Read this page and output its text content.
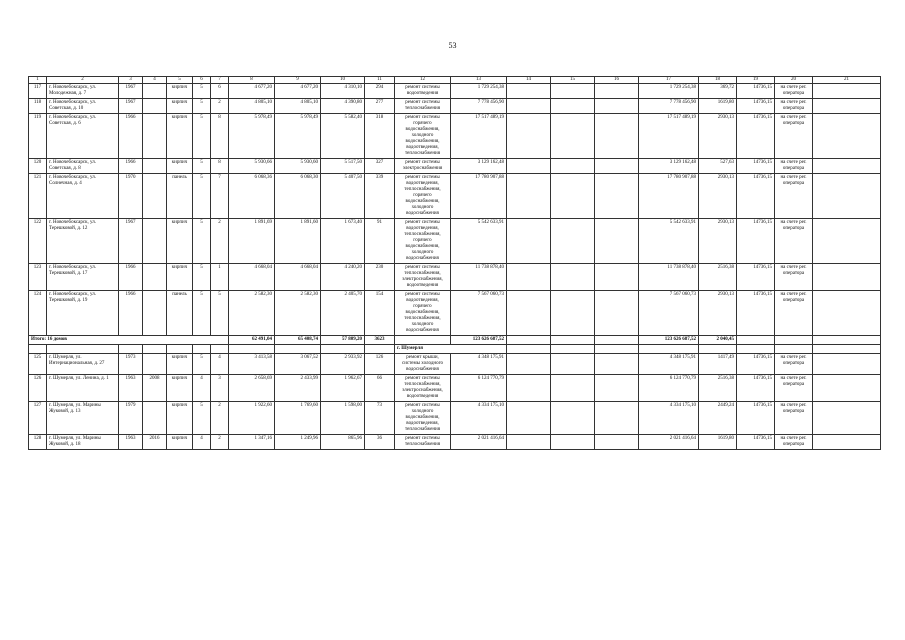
53
1	2	3	4	5	6	7	8	9	10	11	12	13	14	15	16	17	18	19	20	21
117	г. Новочебоксарск, ул. Молодежная, д. 7	1967		кирпич	5	6	4 677,20	4 677,20	4 310,10	294	ремонт системы водоотведения	1 729 254,38				1 729 254,38	369,72	14736,15	на счете рег. оператора	
118	г. Новочебоксарск, ул. Советская, д. 10	1967		кирпич	5	2	4 805,10	4 805,10	4 390,80	277	ремонт системы теплоснабжения	7 778 456,90				7 778 456,90	1619,80	14736,15	на счете рег. оператора	
119	г. Новочебоксарск, ул. Советская, д. 6	1966		кирпич	5	8	5 978,49	5 978,49	5 582,40	318	ремонт системы горячего водоснабжения, холодного водоснабжения, водоотведения, теплоснабжения	17 517 489,19				17 517 489,19	2930,13	14736,15	на счете рег. оператора	
120	г. Новочебоксарск, ул. Советская, д. 8	1966		кирпич	5	8	5 930,66	5 930,60	5 517,50	327	ремонт системы электроснабжения	3 129 162,48				3 129 162,48	527,63	14736,15	на счете рег. оператора	
121	г. Новочебоксарск, ул. Солнечная, д. 4	1970		панель	5	7	6 068,36	6 068,30	5 407,50	339	ремонт системы водоотведения, теплоснабжения, горячего водоснабжения, холодного водоснабжения	17 780 907,88				17 780 907,88	2930,13	14736,15	на счете рег. оператора	
122	г. Новочебоксарск, ул. Терешковой, д. 12	1967		кирпич	5	2	1 891,69	1 891,60	1 673,40	91	ремонт системы водоотведения, теплоснабжения, горячего водоснабжения, холодного водоснабжения	5 542 633,91				5 542 633,91	2930,13	14736,15	на счете рег. оператора	
123	г. Новочебоксарск, ул. Терешковой, д. 17	1966		кирпич	5	1	4 668,04	4 668,04	4 240,20	230	ремонт системы теплоснабжения, электроснабжения, водоотведения	11 738 878,40				11 738 878,40	2516,38	14736,15	на счете рег. оператора	
124	г. Новочебоксарск, ул. Терешковой, д. 19	1966		панель	5	5	2 582,30	2 582,30	2 405,70	154	ремонт системы водоотведения, горячего водоснабжения, теплоснабжения, холодного водоснабжения	7 567 060,73				7 567 060,73	2930,13	14736,15	на счете рег. оператора	
Итого: 16 домов							62 491,04	65 408,74	57 809,20	3623		123 626 687,52				123 626 687,52	2 040,45			
											г. Шумерля									
125	г. Шумерля, ул. Интернациональная, д. 27	1973		кирпич	5	4	3 413,58	3 067,52	2 933,92	126	ремонт крыши, системы холодного водоснабжения	4 348 175,91				4 348 175,91	1417,49	14736,15	на счете рег. оператора	
126	г. Шумерля, ул. Ленина, д. 1	1963	2008	кирпич	4	3	2 658,69	2 433,99	1 962,67	66	ремонт системы теплоснабжения, электроснабжения, водоотведения	6 124 770,79				6 124 770,79	2516,38	14736,15	на счете рег. оператора	
127	г. Шумерля, ул. Марины Жуковой, д. 13	1979		кирпич	5	2	1 922,60	1 769,60	1 598,00	73	ремонт системы холодного водоснабжения, водоотведения, теплоснабжения	4 334 175,10				4 334 175,10	2449,24	14736,15	на счете рег. оператора	
128	г. Шумерля, ул. Марины Жуковой, д. 18	1963	2016	кирпич	4	2	1 347,16	1 249,96	865,96	36	ремонт системы теплоснабжения	2 021 416,64				2 021 416,64	1619,80	14736,15	на счете рег. оператора	
